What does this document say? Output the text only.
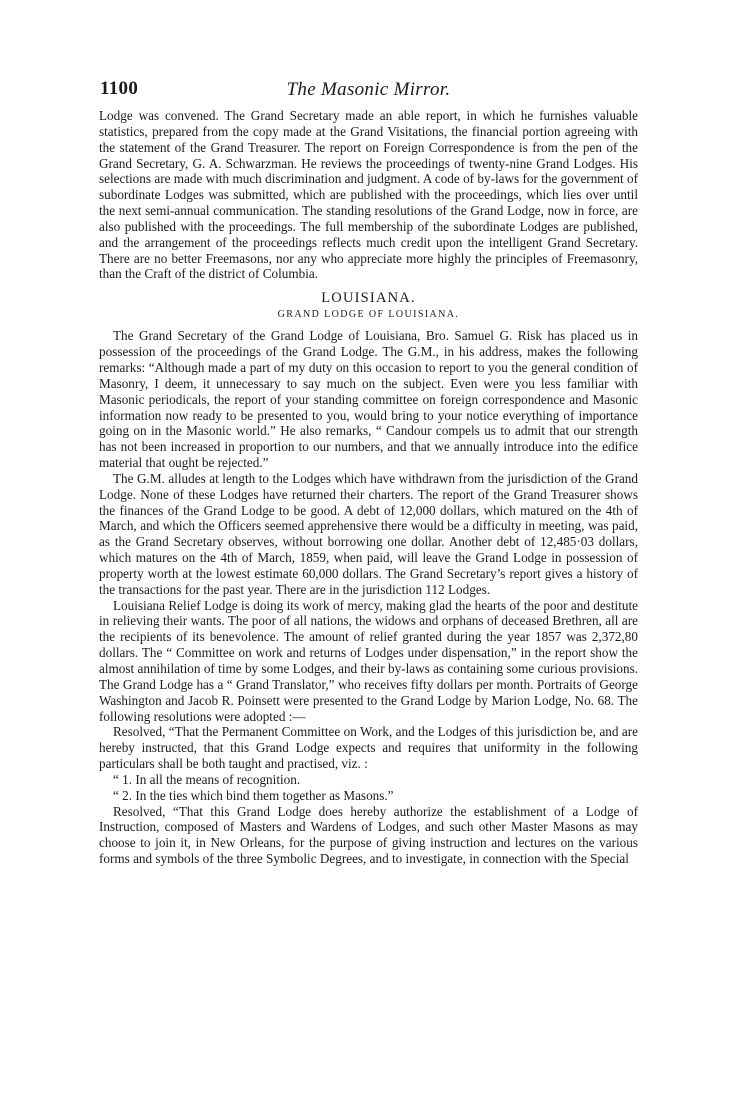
1100	The Masonic Mirror.

Lodge was convened. The Grand Secretary made an able report, in which he furnishes valuable statistics, prepared from the copy made at the Grand Visitations, the financial portion agreeing with the statement of the Grand Treasurer. The report on Foreign Correspondence is from the pen of the Grand Secretary, G. A. Schwarzman. He reviews the proceedings of twenty-nine Grand Lodges. His selections are made with much discrimination and judgment. A code of by-laws for the government of subordinate Lodges was submitted, which are published with the proceedings, which lies over until the next semi-annual communication. The standing resolutions of the Grand Lodge, now in force, are also published with the proceedings. The full membership of the subordinate Lodges are published, and the arrangement of the proceedings reflects much credit upon the intelligent Grand Secretary. There are no better Freemasons, nor any who appreciate more highly the principles of Freemasonry, than the Craft of the district of Columbia.

LOUISIANA.
GRAND LODGE OF LOUISIANA.

The Grand Secretary of the Grand Lodge of Louisiana, Bro. Samuel G. Risk has placed us in possession of the proceedings of the Grand Lodge. The G.M., in his address, makes the following remarks: “Although made a part of my duty on this occasion to report to you the general condition of Masonry, I deem, it unnecessary to say much on the subject. Even were you less familiar with Masonic periodicals, the report of your standing committee on foreign correspondence and Masonic information now ready to be presented to you, would bring to your notice everything of importance going on in the Masonic world.” He also remarks, “ Candour compels us to admit that our strength has not been increased in proportion to our numbers, and that we annually introduce into the edifice material that ought be rejected.”

The G.M. alludes at length to the Lodges which have withdrawn from the jurisdiction of the Grand Lodge. None of these Lodges have returned their charters. The report of the Grand Treasurer shows the finances of the Grand Lodge to be good. A debt of 12,000 dollars, which matured on the 4th of March, and which the Officers seemed apprehensive there would be a difficulty in meeting, was paid, as the Grand Secretary observes, without borrowing one dollar. Another debt of 12,485·03 dollars, which matures on the 4th of March, 1859, when paid, will leave the Grand Lodge in possession of property worth at the lowest estimate 60,000 dollars. The Grand Secretary’s report gives a history of the transactions for the past year. There are in the jurisdiction 112 Lodges.

Louisiana Relief Lodge is doing its work of mercy, making glad the hearts of the poor and destitute in relieving their wants. The poor of all nations, the widows and orphans of deceased Brethren, all are the recipients of its benevolence. The amount of relief granted during the year 1857 was 2,372,80 dollars. The “ Committee on work and returns of Lodges under dispensation,” in the report show the almost annihilation of time by some Lodges, and their by-laws as containing some curious provisions. The Grand Lodge has a “ Grand Translator,” who receives fifty dollars per month. Portraits of George Washington and Jacob R. Poinsett were presented to the Grand Lodge by Marion Lodge, No. 68. The following resolutions were adopted :—

Resolved, “That the Permanent Committee on Work, and the Lodges of this jurisdiction be, and are hereby instructed, that this Grand Lodge expects and requires that uniformity in the following particulars shall be both taught and practised, viz. :

“ 1. In all the means of recognition.

“ 2. In the ties which bind them together as Masons.”

Resolved, “That this Grand Lodge does hereby authorize the establishment of a Lodge of Instruction, composed of Masters and Wardens of Lodges, and such other Master Masons as may choose to join it, in New Orleans, for the purpose of giving instruction and lectures on the various forms and symbols of the three Symbolic Degrees, and to investigate, in connection with the Special
